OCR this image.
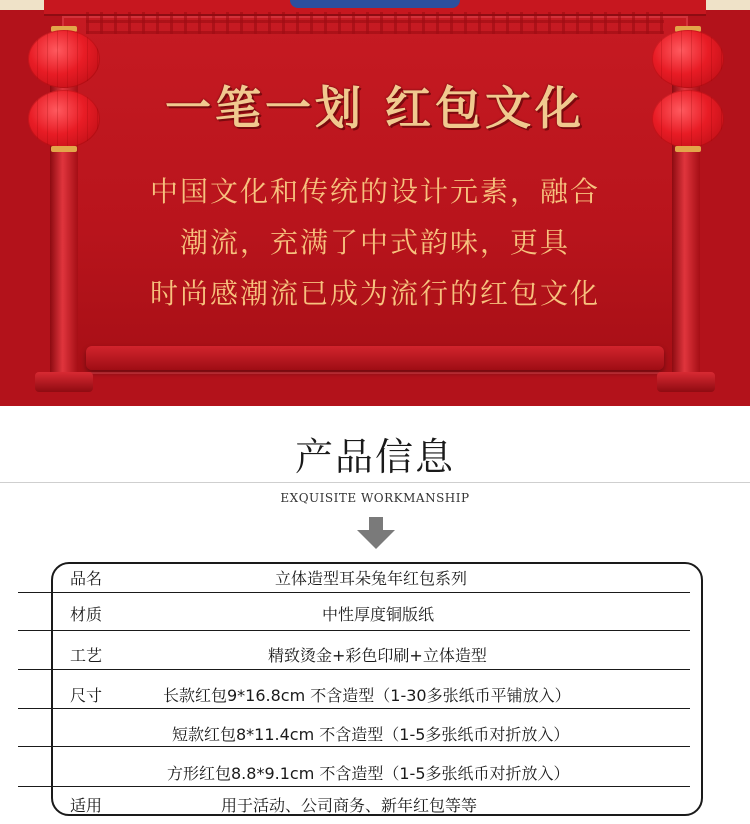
一笔一划 红包文化
中国文化和传统的设计元素，融合
潮流，充满了中式韵味，更具
时尚感潮流已成为流行的红包文化
产品信息
EXQUISITE WORKMANSHIP
品名	立体造型耳朵兔年红包系列
材质	中性厚度铜版纸
工艺	精致烫金+彩色印刷+立体造型
尺寸	长款红包9*16.8cm 不含造型（1-30多张纸币平铺放入）
短款红包8*11.4cm 不含造型（1-5多张纸币对折放入）
方形红包8.8*9.1cm 不含造型（1-5多张纸币对折放入）
适用	用于活动、公司商务、新年红包等等
